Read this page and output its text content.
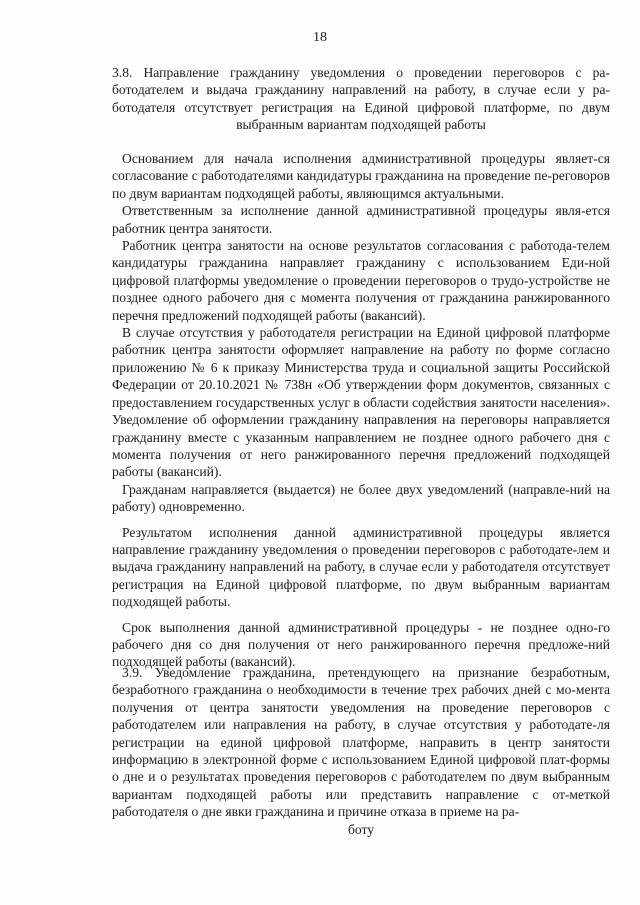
18
3.8. Направление гражданину уведомления о проведении переговоров с ра-
ботодателем и выдача гражданину направлений на работу, в случае если у ра-
ботодателя отсутствует регистрация на Единой цифровой платформе, по двум
выбранным вариантам подходящей работы

Основанием для начала исполнения административной процедуры являет-ся согласование с работодателями кандидатуры гражданина на проведение пе-реговоров по двум вариантам подходящей работы, являющимся актуальными.

Ответственным за исполнение данной административной процедуры явля-ется работник центра занятости.

Работник центра занятости на основе результатов согласования с работода-телем кандидатуры гражданина направляет гражданину с использованием Еди-ной цифровой платформы уведомление о проведении переговоров о трудо-устройстве не позднее одного рабочего дня с момента получения от гражданина ранжированного перечня предложений подходящей работы (вакансий).

В случае отсутствия у работодателя регистрации на Единой цифровой платформе работник центра занятости оформляет направление на работу по форме согласно приложению № 6 к приказу Министерства труда и социальной защиты Российской Федерации от 20.10.2021 № 738н «Об утверждении форм документов, связанных с предоставлением государственных услуг в области содействия занятости населения». Уведомление об оформлении гражданину направления на переговоры направляется гражданину вместе с указанным направлением не позднее одного рабочего дня с момента получения от него ранжированного перечня предложений подходящей работы (вакансий).

Гражданам направляется (выдается) не более двух уведомлений (направле-ний на работу) одновременно.

Результатом исполнения данной административной процедуры является направление гражданину уведомления о проведении переговоров с работодате-лем и выдача гражданину направлений на работу, в случае если у работодателя отсутствует регистрация на Единой цифровой платформе, по двум выбранным вариантам подходящей работы.

Срок выполнения данной административной процедуры - не позднее одно-го рабочего дня со дня получения от него ранжированного перечня предложе-ний подходящей работы (вакансий).

3.9. Уведомление гражданина, претендующего на признание безработным, безработного гражданина о необходимости в течение трех рабочих дней с мо-мента получения от центра занятости уведомления на проведение переговоров с работодателем или направления на работу, в случае отсутствия у работодате-ля регистрации на единой цифровой платформе, направить в центр занятости информацию в электронной форме с использованием Единой цифровой плат-формы о дне и о результатах проведения переговоров с работодателем по двум выбранным вариантам подходящей работы или представить направление с от-меткой работодателя о дне явки гражданина и причине отказа в приеме на ра-

боту
